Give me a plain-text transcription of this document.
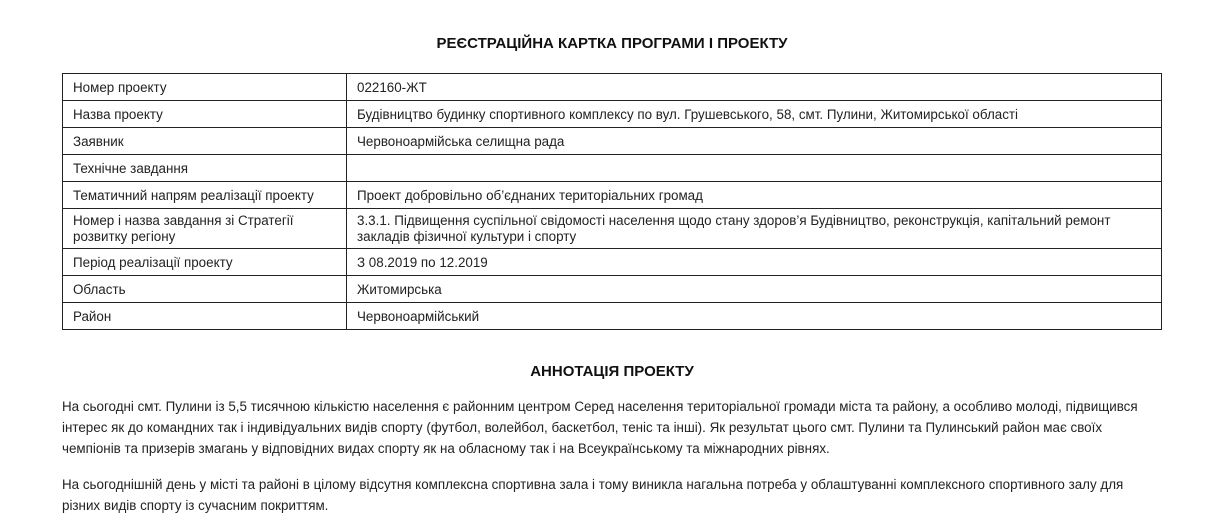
РЕЄСТРАЦІЙНА КАРТКА ПРОГРАМИ І ПРОЕКТУ
Номер проекту	022160-ЖТ
Назва проекту	Будівництво будинку спортивного комплексу по вул. Грушевського, 58, смт. Пулини, Житомирської області
Заявник	Червоноармійська селищна рада
Технічне завдання	
Тематичний напрям реалізації проекту	Проект добровільно об’єднаних територіальних громад
Номер і назва завдання зі Стратегії розвитку регіону	3.3.1. Підвищення суспільної свідомості населення щодо стану здоров’я Будівництво, реконструкція, капітальний ремонт закладів фізичної культури і спорту
Період реалізації проекту	З 08.2019 по 12.2019
Область	Житомирська
Район	Червоноармійський
АННОТАЦІЯ ПРОЕКТУ

На сьогодні смт. Пулини із 5,5 тисячною кількістю населення є районним центром Серед населення територіальної громади міста та району, а особливо молоді, підвищився інтерес як до командних так і індивідуальних видів спорту (футбол, волейбол, баскетбол, теніс та інші). Як результат цього смт. Пулини та Пулинський район має своїх чемпіонів та призерів змагань у відповідних видах спорту як на обласному так і на Всеукраїнському та міжнародних рівнях.

На сьогоднішній день у місті та районі в цілому відсутня комплексна спортивна зала і тому виникла нагальна потреба у облаштуванні комплексного спортивного залу для різних видів спорту із сучасним покриттям.
